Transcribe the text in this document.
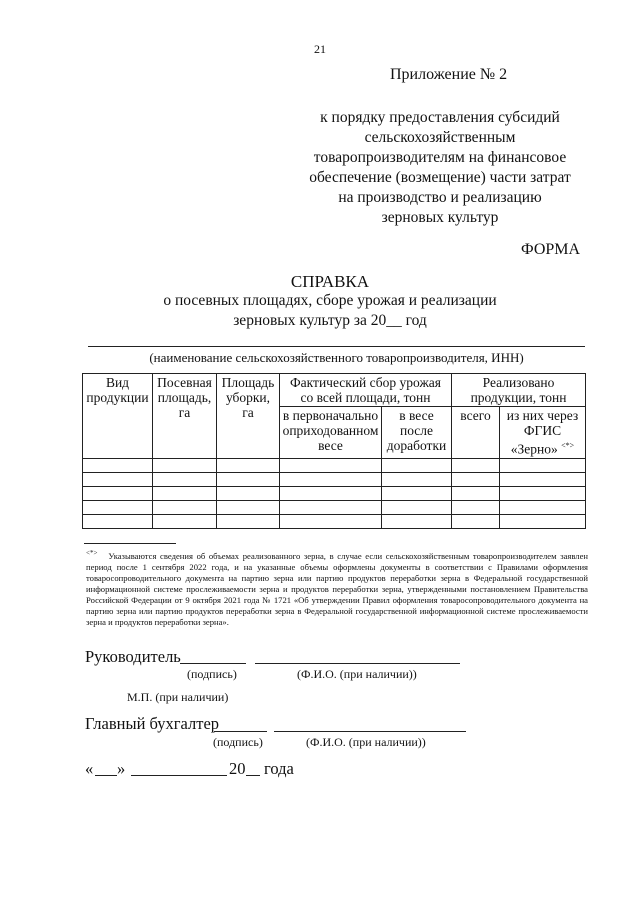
21
Приложение № 2
к порядку предоставления субсидий
сельскохозяйственным
товаропроизводителям на финансовое
обеспечение (возмещение) части затрат
на производство и реализацию
зерновых культур
ФОРМА
СПРАВКА
о посевных площадях, сборе урожая и реализации
зерновых культур за 20__ год
(наименование сельскохозяйственного товаропроизводителя, ИНН)
Вид продукции	Посевная площадь, га	Площадь уборки, га	Фактический сбор урожая со всей площади, тонн		Реализовано продукции, тонн	
			в первоначально оприходованном весе	в весе после доработки	всего	из них через ФГИС «Зерно» <*>

<*> Указываются сведения об объемах реализованного зерна, в случае если сельскохозяйственным товаропроизводителем заявлен период после 1 сентября 2022 года, и на указанные объемы оформлены документы в соответствии с Правилами оформления товаросопроводительного документа на партию зерна или партию продуктов переработки зерна в Федеральной государственной информационной системе прослеживаемости зерна и продуктов переработки зерна, утвержденными постановлением Правительства Российской Федерации от 9 октября 2021 года № 1721 «Об утверждении Правил оформления товаросопроводительного документа на партию зерна или партию продуктов переработки зерна в Федеральной государственной информационной системе прослеживаемости зерна и продуктов переработки зерна».
Руководитель
(подпись)	(Ф.И.О. (при наличии))
М.П. (при наличии)
Главный бухгалтер
(подпись)	(Ф.И.О. (при наличии))
« »	20 года
